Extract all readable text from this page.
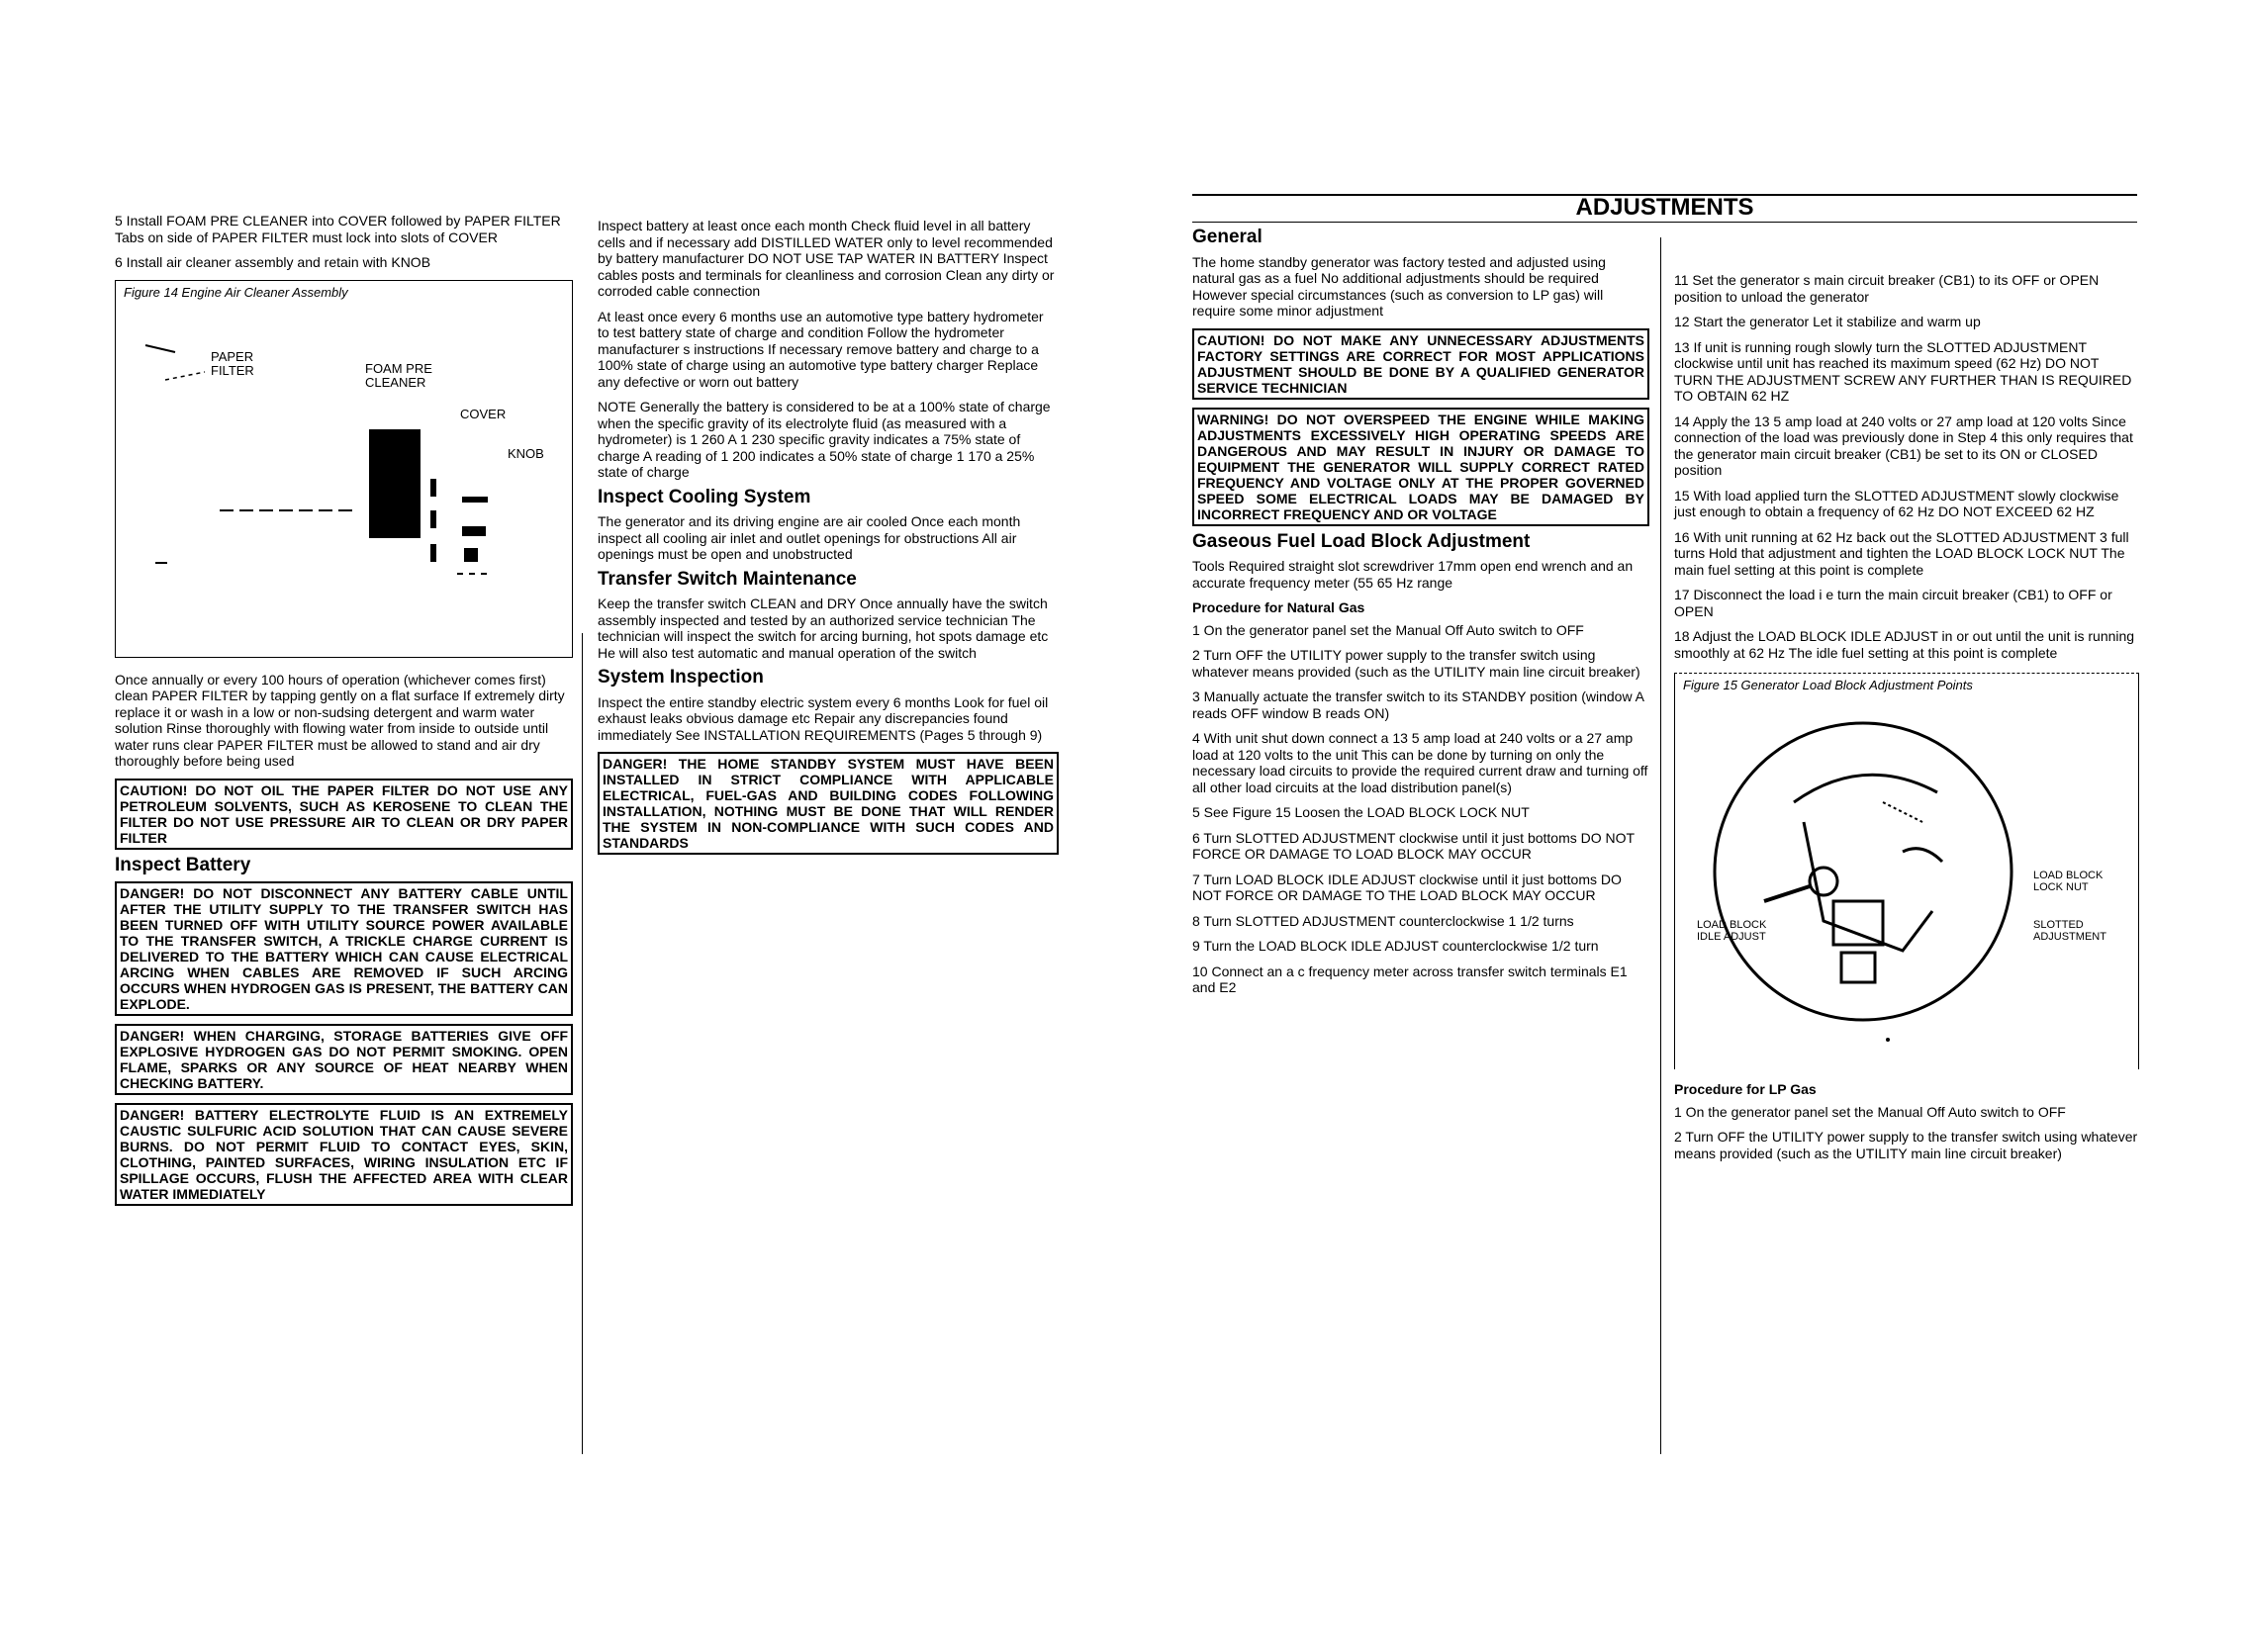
5 Install FOAM PRE CLEANER into COVER followed by PAPER FILTER Tabs on side of PAPER FILTER must lock into slots of COVER

6 Install air cleaner assembly and retain with KNOB

Figure 14 Engine Air Cleaner Assembly
PAPER FILTER	FOAM PRE CLEANER
COVER
KNOB

Once annually or every 100 hours of operation (whichever comes first) clean PAPER FILTER by tapping gently on a flat surface If extremely dirty replace it or wash in a low or non-sudsing detergent and warm water solution Rinse thoroughly with flowing water from inside to outside until water runs clear PAPER FILTER must be allowed to stand and air dry thoroughly before being used

CAUTION! DO NOT OIL THE PAPER FILTER DO NOT USE ANY PETROLEUM SOLVENTS, SUCH AS KEROSENE TO CLEAN THE FILTER DO NOT USE PRESSURE AIR TO CLEAN OR DRY PAPER FILTER
Inspect Battery
DANGER! DO NOT DISCONNECT ANY BATTERY CABLE UNTIL AFTER THE UTILITY SUPPLY TO THE TRANSFER SWITCH HAS BEEN TURNED OFF WITH UTILITY SOURCE POWER AVAILABLE TO THE TRANSFER SWITCH, A TRICKLE CHARGE CURRENT IS DELIVERED TO THE BATTERY WHICH CAN CAUSE ELECTRICAL ARCING WHEN CABLES ARE REMOVED IF SUCH ARCING OCCURS WHEN HYDROGEN GAS IS PRESENT, THE BATTERY CAN EXPLODE.
DANGER! WHEN CHARGING, STORAGE BATTERIES GIVE OFF EXPLOSIVE HYDROGEN GAS DO NOT PERMIT SMOKING. OPEN FLAME, SPARKS OR ANY SOURCE OF HEAT NEARBY WHEN CHECKING BATTERY.
DANGER! BATTERY ELECTROLYTE FLUID IS AN EXTREMELY CAUSTIC SULFURIC ACID SOLUTION THAT CAN CAUSE SEVERE BURNS. DO NOT PERMIT FLUID TO CONTACT EYES, SKIN, CLOTHING, PAINTED SURFACES, WIRING INSULATION ETC IF SPILLAGE OCCURS, FLUSH THE AFFECTED AREA WITH CLEAR WATER IMMEDIATELY

Inspect battery at least once each month Check fluid level in all battery cells and if necessary add DISTILLED WATER only to level recommended by battery manufacturer DO NOT USE TAP WATER IN BATTERY Inspect cables posts and terminals for cleanliness and corrosion Clean any dirty or corroded cable connection

At least once every 6 months use an automotive type battery hydrometer to test battery state of charge and condition Follow the hydrometer manufacturer s instructions If necessary remove battery and charge to a 100% state of charge using an automotive type battery charger Replace any defective or worn out battery

NOTE Generally the battery is considered to be at a 100% state of charge when the specific gravity of its electrolyte fluid (as measured with a hydrometer) is 1 260 A 1 230 specific gravity indicates a 75% state of charge A reading of 1 200 indicates a 50% state of charge 1 170 a 25% state of charge

Inspect Cooling System

The generator and its driving engine are air cooled Once each month inspect all cooling air inlet and outlet openings for obstructions All air openings must be open and unobstructed

Transfer Switch Maintenance

Keep the transfer switch CLEAN and DRY Once annually have the switch assembly inspected and tested by an authorized service technician The technician will inspect the switch for arcing burning, hot spots damage etc He will also test automatic and manual operation of the switch

System Inspection

Inspect the entire standby electric system every 6 months Look for fuel oil exhaust leaks obvious damage etc Repair any discrepancies found immediately See INSTALLATION REQUIREMENTS (Pages 5 through 9)

DANGER! THE HOME STANDBY SYSTEM MUST HAVE BEEN INSTALLED IN STRICT COMPLIANCE WITH APPLICABLE ELECTRICAL, FUEL-GAS AND BUILDING CODES FOLLOWING INSTALLATION, NOTHING MUST BE DONE THAT WILL RENDER THE SYSTEM IN NON-COMPLIANCE WITH SUCH CODES AND STANDARDS
ADJUSTMENTS
General

The home standby generator was factory tested and adjusted using natural gas as a fuel No additional adjustments should be required However special circumstances (such as conversion to LP gas) will require some minor adjustment

CAUTION! DO NOT MAKE ANY UNNECESSARY ADJUSTMENTS FACTORY SETTINGS ARE CORRECT FOR MOST APPLICATIONS ADJUSTMENT SHOULD BE DONE BY A QUALIFIED GENERATOR SERVICE TECHNICIAN
WARNING! DO NOT OVERSPEED THE ENGINE WHILE MAKING ADJUSTMENTS EXCESSIVELY HIGH OPERATING SPEEDS ARE DANGEROUS AND MAY RESULT IN INJURY OR DAMAGE TO EQUIPMENT THE GENERATOR WILL SUPPLY CORRECT RATED FREQUENCY AND VOLTAGE ONLY AT THE PROPER GOVERNED SPEED SOME ELECTRICAL LOADS MAY BE DAMAGED BY INCORRECT FREQUENCY AND OR VOLTAGE
Gaseous Fuel Load Block Adjustment

Tools Required straight slot screwdriver 17mm open end wrench and an accurate frequency meter (55 65 Hz range

Procedure for Natural Gas

1 On the generator panel set the Manual Off Auto switch to OFF

2 Turn OFF the UTILITY power supply to the transfer switch using whatever means provided (such as the UTILITY main line circuit breaker)

3 Manually actuate the transfer switch to its STANDBY position (window A reads OFF window B reads ON)

4 With unit shut down connect a 13 5 amp load at 240 volts or a 27 amp load at 120 volts to the unit This can be done by turning on only the necessary load circuits to provide the required current draw and turning off all other load circuits at the load distribution panel(s)

5 See Figure 15 Loosen the LOAD BLOCK LOCK NUT

6 Turn SLOTTED ADJUSTMENT clockwise until it just bottoms DO NOT FORCE OR DAMAGE TO LOAD BLOCK MAY OCCUR

7 Turn LOAD BLOCK IDLE ADJUST clockwise until it just bottoms DO NOT FORCE OR DAMAGE TO THE LOAD BLOCK MAY OCCUR

8 Turn SLOTTED ADJUSTMENT counterclockwise 1 1/2 turns

9 Turn the LOAD BLOCK IDLE ADJUST counterclockwise 1/2 turn

10 Connect an a c frequency meter across transfer switch terminals E1 and E2

11 Set the generator s main circuit breaker (CB1) to its OFF or OPEN position to unload the generator

12 Start the generator Let it stabilize and warm up

13 If unit is running rough slowly turn the SLOTTED ADJUSTMENT clockwise until unit has reached its maximum speed (62 Hz) DO NOT TURN THE ADJUSTMENT SCREW ANY FURTHER THAN IS REQUIRED TO OBTAIN 62 HZ

14 Apply the 13 5 amp load at 240 volts or 27 amp load at 120 volts Since connection of the load was previously done in Step 4 this only requires that the generator main circuit breaker (CB1) be set to its ON or CLOSED position

15 With load applied turn the SLOTTED ADJUSTMENT slowly clockwise just enough to obtain a frequency of 62 Hz DO NOT EXCEED 62 HZ

16 With unit running at 62 Hz back out the SLOTTED ADJUSTMENT 3 full turns Hold that adjustment and tighten the LOAD BLOCK LOCK NUT The main fuel setting at this point is complete

17 Disconnect the load i e turn the main circuit breaker (CB1) to OFF or OPEN

18 Adjust the LOAD BLOCK IDLE ADJUST in or out until the unit is running smoothly at 62 Hz The idle fuel setting at this point is complete

Figure 15 Generator Load Block Adjustment Points
LOAD BLOCK LOCK NUT
LOAD BLOCK IDLE ADJUST
SLOTTED ADJUSTMENT
Procedure for LP Gas

1 On the generator panel set the Manual Off Auto switch to OFF

2 Turn OFF the UTILITY power supply to the transfer switch using whatever means provided (such as the UTILITY main line circuit breaker)
